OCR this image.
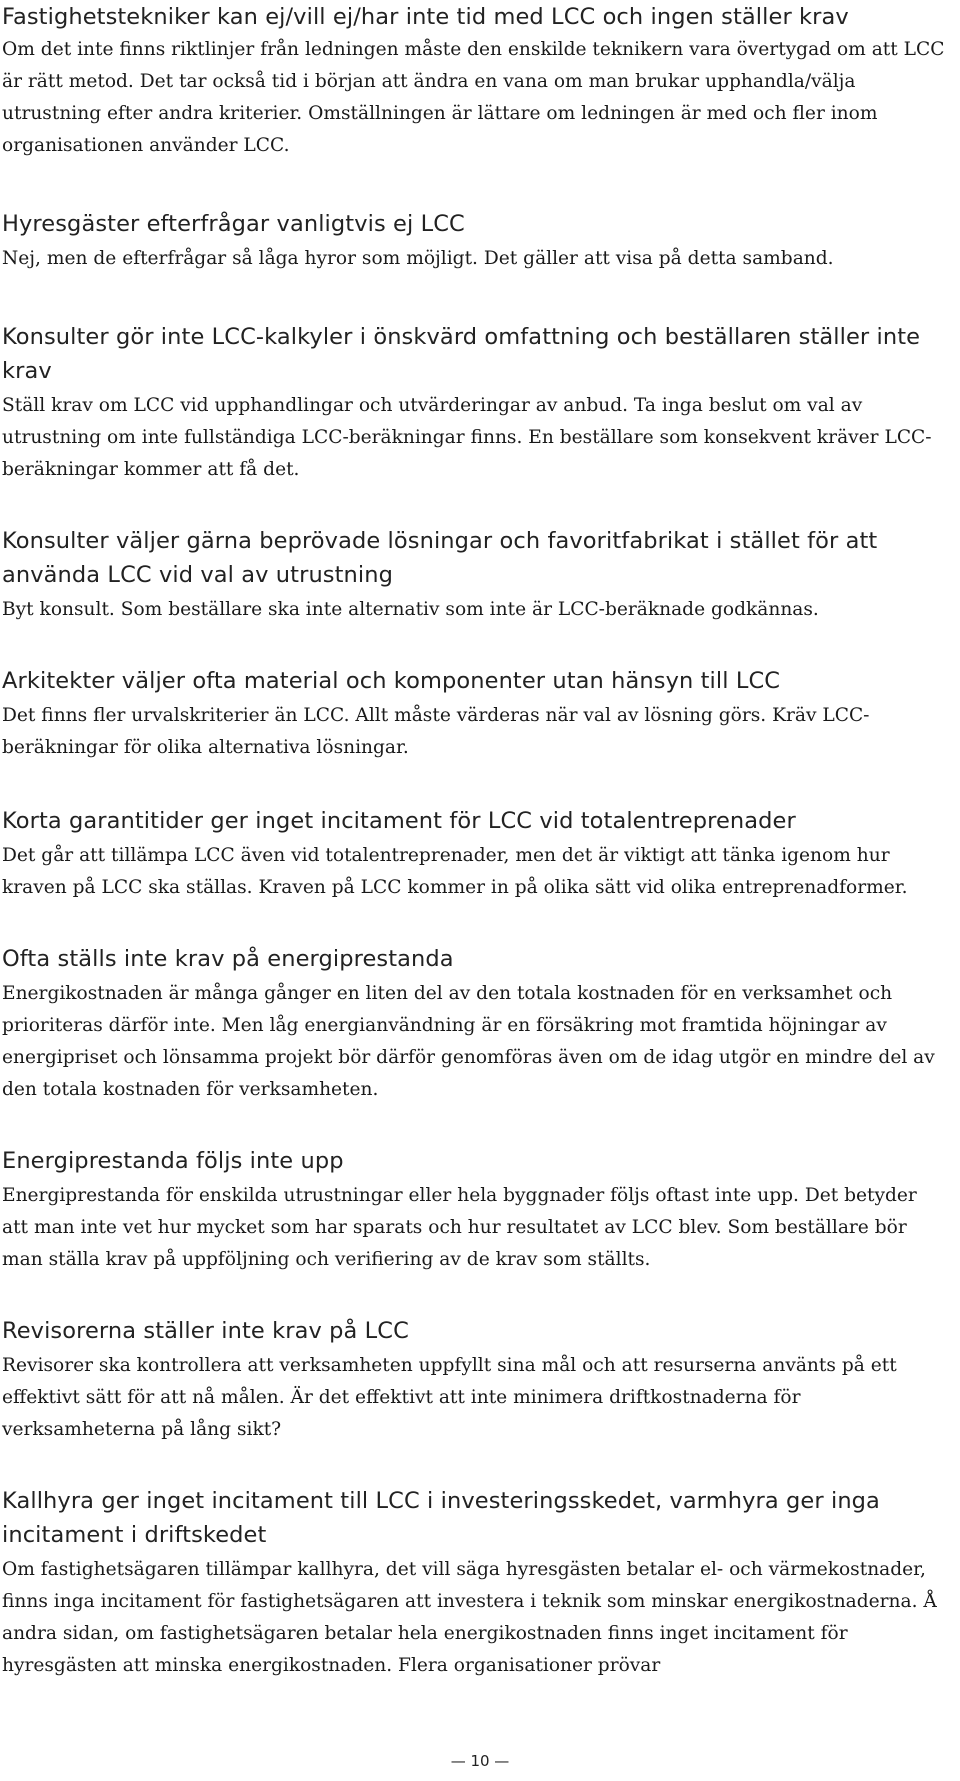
Fastighetstekniker kan ej/vill ej/har inte tid med LCC och ingen ställer krav

Om det inte finns riktlinjer från ledningen måste den enskilde teknikern vara övertygad om att LCC är rätt metod. Det tar också tid i början att ändra en vana om man brukar upphandla/välja utrustning efter andra kriterier. Omställningen är lättare om ledningen är med och fler inom organisationen använder LCC.

Hyresgäster efterfrågar vanligtvis ej LCC

Nej, men de efterfrågar så låga hyror som möjligt. Det gäller att visa på detta samband.

Konsulter gör inte LCC-kalkyler i önskvärd omfattning och beställaren ställer inte krav

Ställ krav om LCC vid upphandlingar och utvärderingar av anbud. Ta inga beslut om val av utrustning om inte fullständiga LCC-beräkningar finns. En beställare som konsekvent kräver LCC-beräkningar kommer att få det.

Konsulter väljer gärna beprövade lösningar och favoritfabrikat i stället för att använda LCC vid val av utrustning

Byt konsult. Som beställare ska inte alternativ som inte är LCC-beräknade godkännas.

Arkitekter väljer ofta material och komponenter utan hänsyn till LCC

Det finns fler urvalskriterier än LCC. Allt måste värderas när val av lösning görs. Kräv LCC-beräkningar för olika alternativa lösningar.

Korta garantitider ger inget incitament för LCC vid totalentreprenader

Det går att tillämpa LCC även vid totalentreprenader, men det är viktigt att tänka igenom hur kraven på LCC ska ställas. Kraven på LCC kommer in på olika sätt vid olika entreprenadformer.

Ofta ställs inte krav på energiprestanda

Energikostnaden är många gånger en liten del av den totala kostnaden för en verksamhet och prioriteras därför inte. Men låg energianvändning är en försäkring mot framtida höjningar av energipriset och lönsamma projekt bör därför genomföras även om de idag utgör en mindre del av den totala kostnaden för verksamheten.

Energiprestanda följs inte upp

Energiprestanda för enskilda utrustningar eller hela byggnader följs oftast inte upp. Det betyder att man inte vet hur mycket som har sparats och hur resultatet av LCC blev. Som beställare bör man ställa krav på uppföljning och verifiering av de krav som ställts.

Revisorerna ställer inte krav på LCC

Revisorer ska kontrollera att verksamheten uppfyllt sina mål och att resurserna använts på ett effektivt sätt för att nå målen. Är det effektivt att inte minimera driftkostnaderna för verksamheterna på lång sikt?

Kallhyra ger inget incitament till LCC i investeringsskedet, varmhyra ger inga incitament i driftskedet

Om fastighetsägaren tillämpar kallhyra, det vill säga hyresgästen betalar el- och värmekostnader, finns inga incitament för fastighetsägaren att investera i teknik som minskar energikostnaderna. Å andra sidan, om fastighetsägaren betalar hela energikostnaden finns inget incitament för hyresgästen att minska energikostnaden. Flera organisationer prövar

— 10 —
